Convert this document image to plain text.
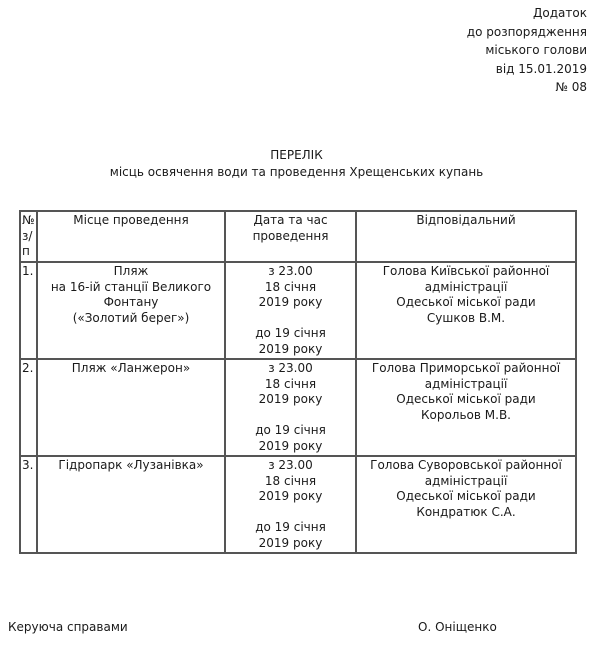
Додаток
до розпорядження
міського голови
від 15.01.2019
№ 08
ПЕРЕЛІК
місць освячення води та проведення Хрещенських купань
№
з/
п	Місце проведення	Дата та час
проведення	Відповідальний

1.	Пляж
на 16-ій станції Великого
Фонтану
(«Золотий берег»)	з 23.00
18 січня
2019 року
до 19 січня
2019 року	Голова Київської районної
адміністрації
Одеської міської ради
Сушков В.М.

2.	Пляж «Ланжерон»	з 23.00
18 січня
2019 року
до 19 січня
2019 року	Голова Приморської районної
адміністрації
Одеської міської ради
Корольов М.В.

3.	Гідропарк «Лузанівка»	з 23.00
18 січня
2019 року
до 19 січня
2019 року	Голова Суворовської районної
адміністрації
Одеської міської ради
Кондратюк С.А.
Керуюча справами	О. Оніщенко
